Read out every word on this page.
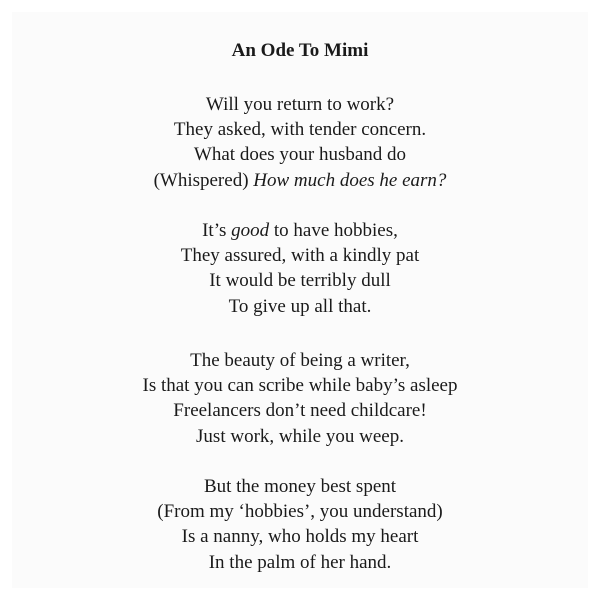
An Ode To Mimi

Will you return to work?
They asked, with tender concern.
What does your husband do
(Whispered) How much does he earn?

It’s good to have hobbies,
They assured, with a kindly pat
It would be terribly dull
To give up all that.

The beauty of being a writer,
Is that you can scribe while baby’s asleep
Freelancers don’t need childcare!
Just work, while you weep.

But the money best spent
(From my ‘hobbies’, you understand)
Is a nanny, who holds my heart
In the palm of her hand.
